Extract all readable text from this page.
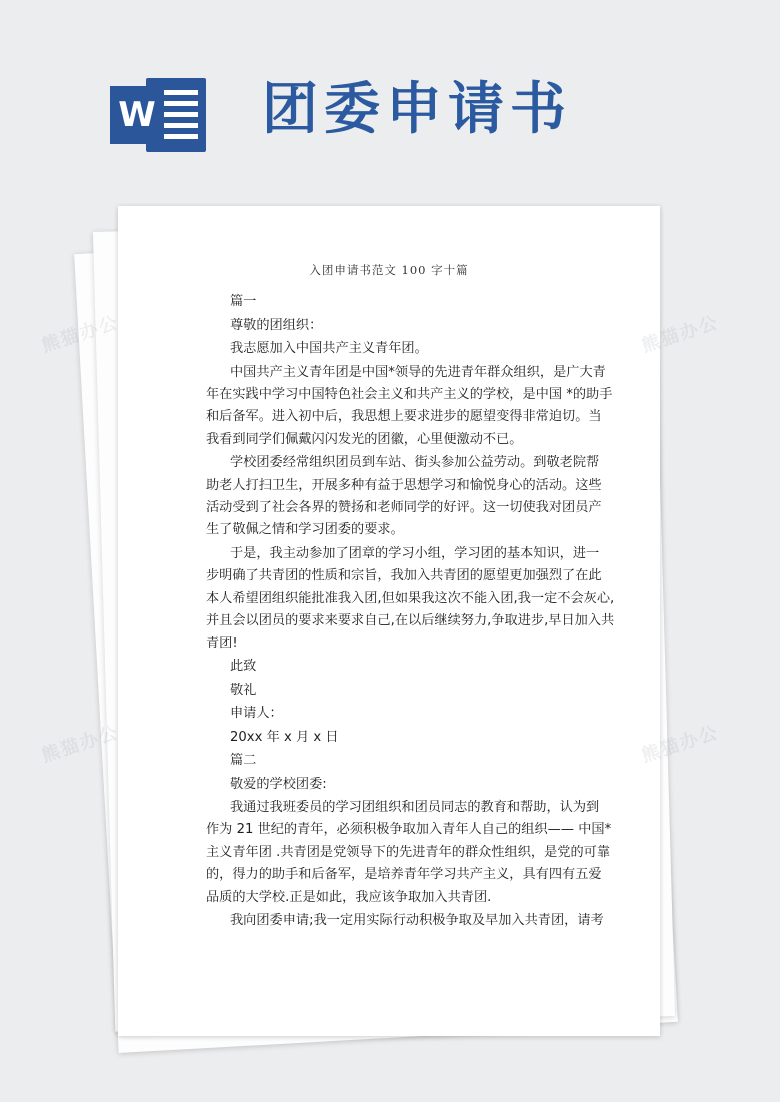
W 团委申请书
入团申请书范文 100 字十篇
篇一
尊敬的团组织：
我志愿加入中国共产主义青年团。
中国共产主义青年团是中国*领导的先进青年群众组织，是广大青
年在实践中学习中国特色社会主义和共产主义的学校，是中国 *的助手
和后备军。进入初中后，我思想上要求进步的愿望变得非常迫切。当
我看到同学们佩戴闪闪发光的团徽，心里便激动不已。
学校团委经常组织团员到车站、街头参加公益劳动。到敬老院帮
助老人打扫卫生，开展多种有益于思想学习和愉悦身心的活动。这些
活动受到了社会各界的赞扬和老师同学的好评。这一切使我对团员产
生了敬佩之情和学习团委的要求。
于是，我主动参加了团章的学习小组，学习团的基本知识，进一
步明确了共青团的性质和宗旨，我加入共青团的愿望更加强烈了在此
本人希望团组织能批准我入团,但如果我这次不能入团,我一定不会灰心,
并且会以团员的要求来要求自己,在以后继续努力,争取进步,早日加入共
青团!
此致
敬礼
申请人：
20xx 年 x 月 x 日
篇二
敬爱的学校团委:
我通过我班委员的学习团组织和团员同志的教育和帮助，认为到
作为 21 世纪的青年，必须积极争取加入青年人自己的组织—— 中国*
主义青年团 .共青团是党领导下的先进青年的群众性组织，是党的可靠
的，得力的助手和后备军，是培养青年学习共产主义，具有四有五爱
品质的大学校.正是如此，我应该争取加入共青团.
我向团委申请;我一定用实际行动积极争取及早加入共青团，请考
熊猫办公
熊猫办公	熊猫办公
